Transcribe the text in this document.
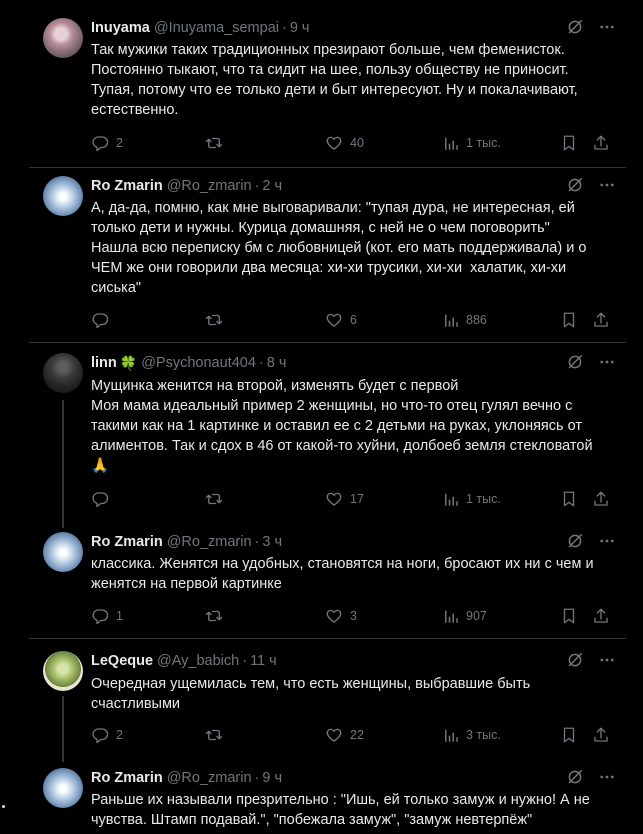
Inuyama @Inuyama_sempai · 9 ч
Так мужики таких традиционных презирают больше, чем феменисток.
Постоянно тыкают, что та сидит на шее, пользу обществу не приносит.
Тупая, потому что ее только дети и быт интересуют. Ну и покалачивают,
естественно.
2	40	1 тыс.
Ro Zmarin @Ro_zmarin · 2 ч
А, да-да, помню, как мне выговаривали: "тупая дура, не интересная, ей
только дети и нужны. Курица домашняя, с ней не о чем поговорить"
Нашла всю переписку бм с любовницей (кот. его мать поддерживала) и о
ЧЕМ же они говорили два месяца: хи-хи трусики, хи-хи  халатик, хи-хи
сиська"
6	886
linn 🍀 @Psychonaut404 · 8 ч
Мущинка женится на второй, изменять будет с первой
Моя мама идеальный пример 2 женщины, но что-то отец гулял вечно с
такими как на 1 картинке и оставил ее с 2 детьми на руках, уклоняясь от
алиментов. Так и сдох в 46 от какой-то хуйни, долбоеб земля стекловатой
🙏
17	1 тыс.
Ro Zmarin @Ro_zmarin · 3 ч
классика. Женятся на удобных, становятся на ноги, бросают их ни с чем и
женятся на первой картинке
1	3	907
LeQeque @Ay_babich · 11 ч
Очередная ущемилась тем, что есть женщины, выбравшие быть
счастливыми
2	22	3 тыс.
Ro Zmarin @Ro_zmarin · 9 ч
Раньше их называли презрительно : "Ишь, ей только замуж и нужно! А не
чувства. Штамп подавай.", "побежала замуж", "замуж невтерпёж"
